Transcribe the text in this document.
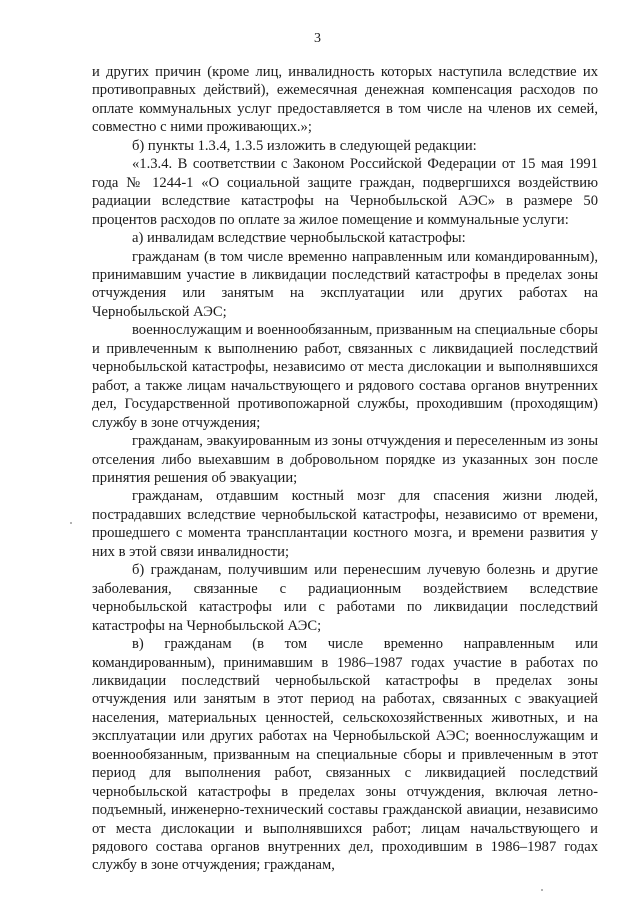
3

и других причин (кроме лиц, инвалидность которых наступила вследствие их противоправных действий), ежемесячная денежная компенсация расходов по оплате коммунальных услуг предоставляется в том числе на членов их семей, совместно с ними проживающих.»;

б) пункты 1.3.4, 1.3.5 изложить в следующей редакции:

«1.3.4. В соответствии с Законом Российской Федерации от 15 мая 1991 года № 1244-1 «О социальной защите граждан, подвергшихся воздействию радиации вследствие катастрофы на Чернобыльской АЭС» в размере 50 процентов расходов по оплате за жилое помещение и коммунальные услуги:

а) инвалидам вследствие чернобыльской катастрофы:

гражданам (в том числе временно направленным или командированным), принимавшим участие в ликвидации последствий катастрофы в пределах зоны отчуждения или занятым на эксплуатации или других работах на Чернобыльской АЭС;

военнослужащим и военнообязанным, призванным на специальные сборы и привлеченным к выполнению работ, связанных с ликвидацией последствий чернобыльской катастрофы, независимо от места дислокации и выполнявшихся работ, а также лицам начальствующего и рядового состава органов внутренних дел, Государственной противопожарной службы, проходившим (проходящим) службу в зоне отчуждения;

гражданам, эвакуированным из зоны отчуждения и переселенным из зоны отселения либо выехавшим в добровольном порядке из указанных зон после принятия решения об эвакуации;

гражданам, отдавшим костный мозг для спасения жизни людей, пострадавших вследствие чернобыльской катастрофы, независимо от времени, прошедшего с момента трансплантации костного мозга, и времени развития у них в этой связи инвалидности;

б) гражданам, получившим или перенесшим лучевую болезнь и другие заболевания, связанные с радиационным воздействием вследствие чернобыльской катастрофы или с работами по ликвидации последствий катастрофы на Чернобыльской АЭС;

в) гражданам (в том числе временно направленным или командированным), принимавшим в 1986–1987 годах участие в работах по ликвидации последствий чернобыльской катастрофы в пределах зоны отчуждения или занятым в этот период на работах, связанных с эвакуацией населения, материальных ценностей, сельскохозяйственных животных, и на эксплуатации или других работах на Чернобыльской АЭС; военнослужащим и военнообязанным, призванным на специальные сборы и привлеченным в этот период для выполнения работ, связанных с ликвидацией последствий чернобыльской катастрофы в пределах зоны отчуждения, включая летно-подъемный, инженерно-технический составы гражданской авиации, независимо от места дислокации и выполнявшихся работ; лицам начальствующего и рядового состава органов внутренних дел, проходившим в 1986–1987 годах службу в зоне отчуждения; гражданам,
